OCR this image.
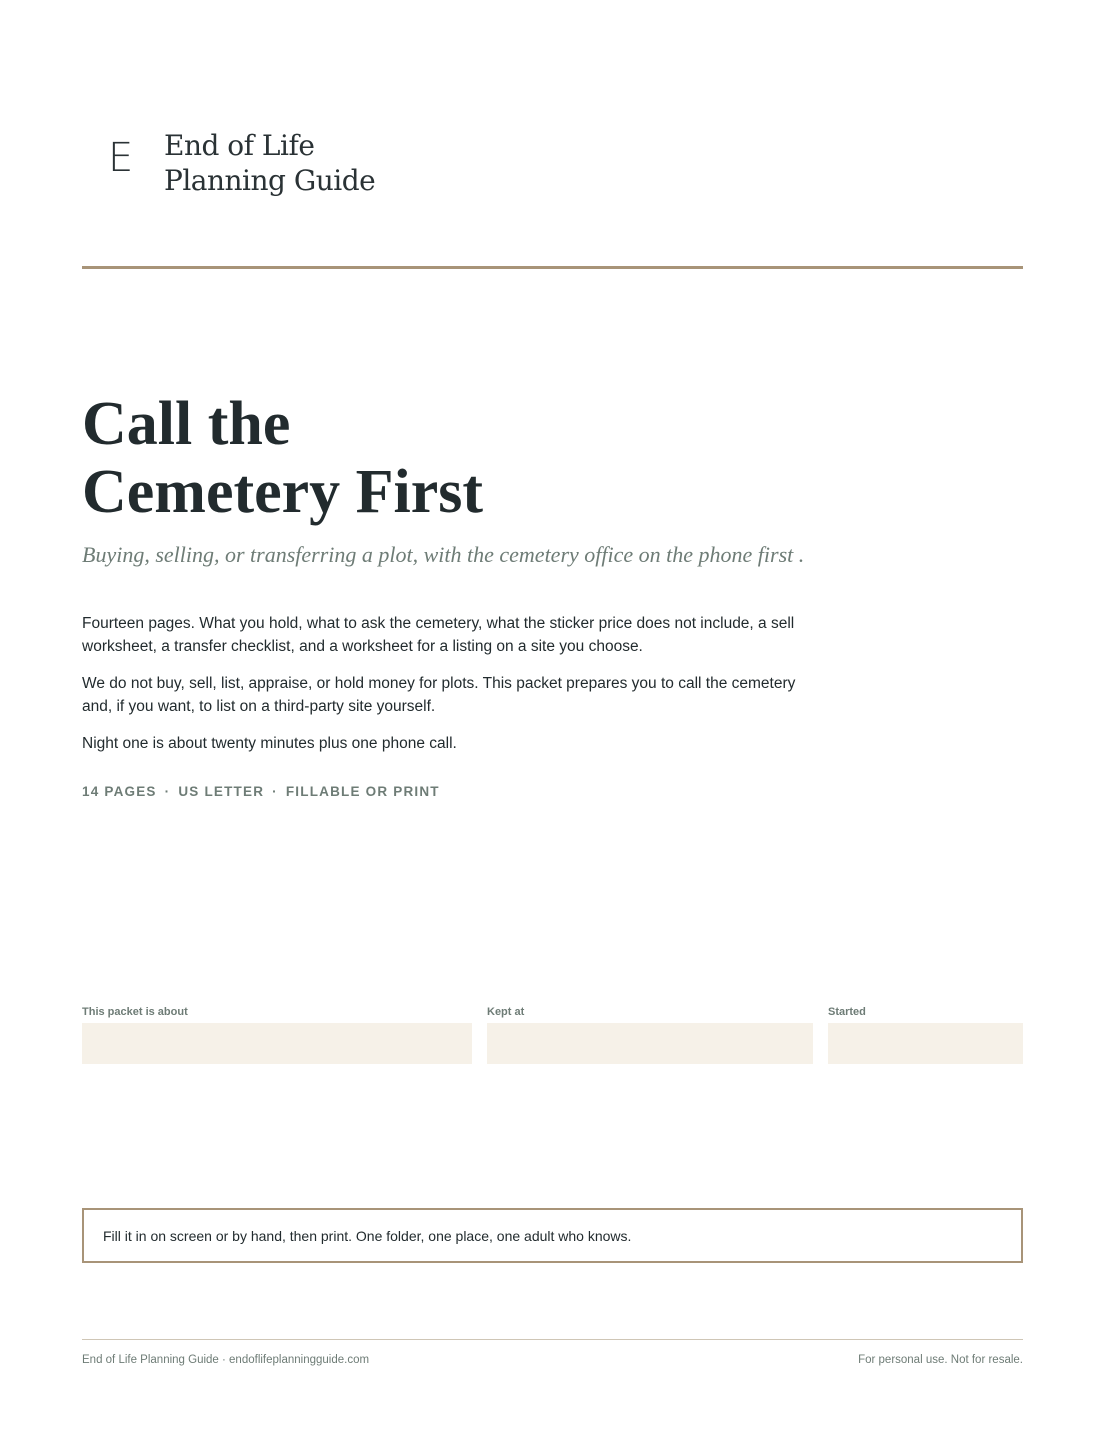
E	End of Life
Planning Guide
Call the
Cemetery First

Buying, selling, or transferring a plot, with the cemetery office on the phone first .

Fourteen pages. What you hold, what to ask the cemetery, what the sticker price does not include, a sell worksheet, a transfer checklist, and a worksheet for a listing on a site you choose.

We do not buy, sell, list, appraise, or hold money for plots. This packet prepares you to call the cemetery and, if you want, to list on a third-party site yourself.

Night one is about twenty minutes plus one phone call.

14 PAGES · US LETTER · FILLABLE OR PRINT

This packet is about	Kept at	Started
Fill it in on screen or by hand, then print. One folder, one place, one adult who knows.
End of Life Planning Guide · endoflifeplanningguide.com	For personal use. Not for resale.
